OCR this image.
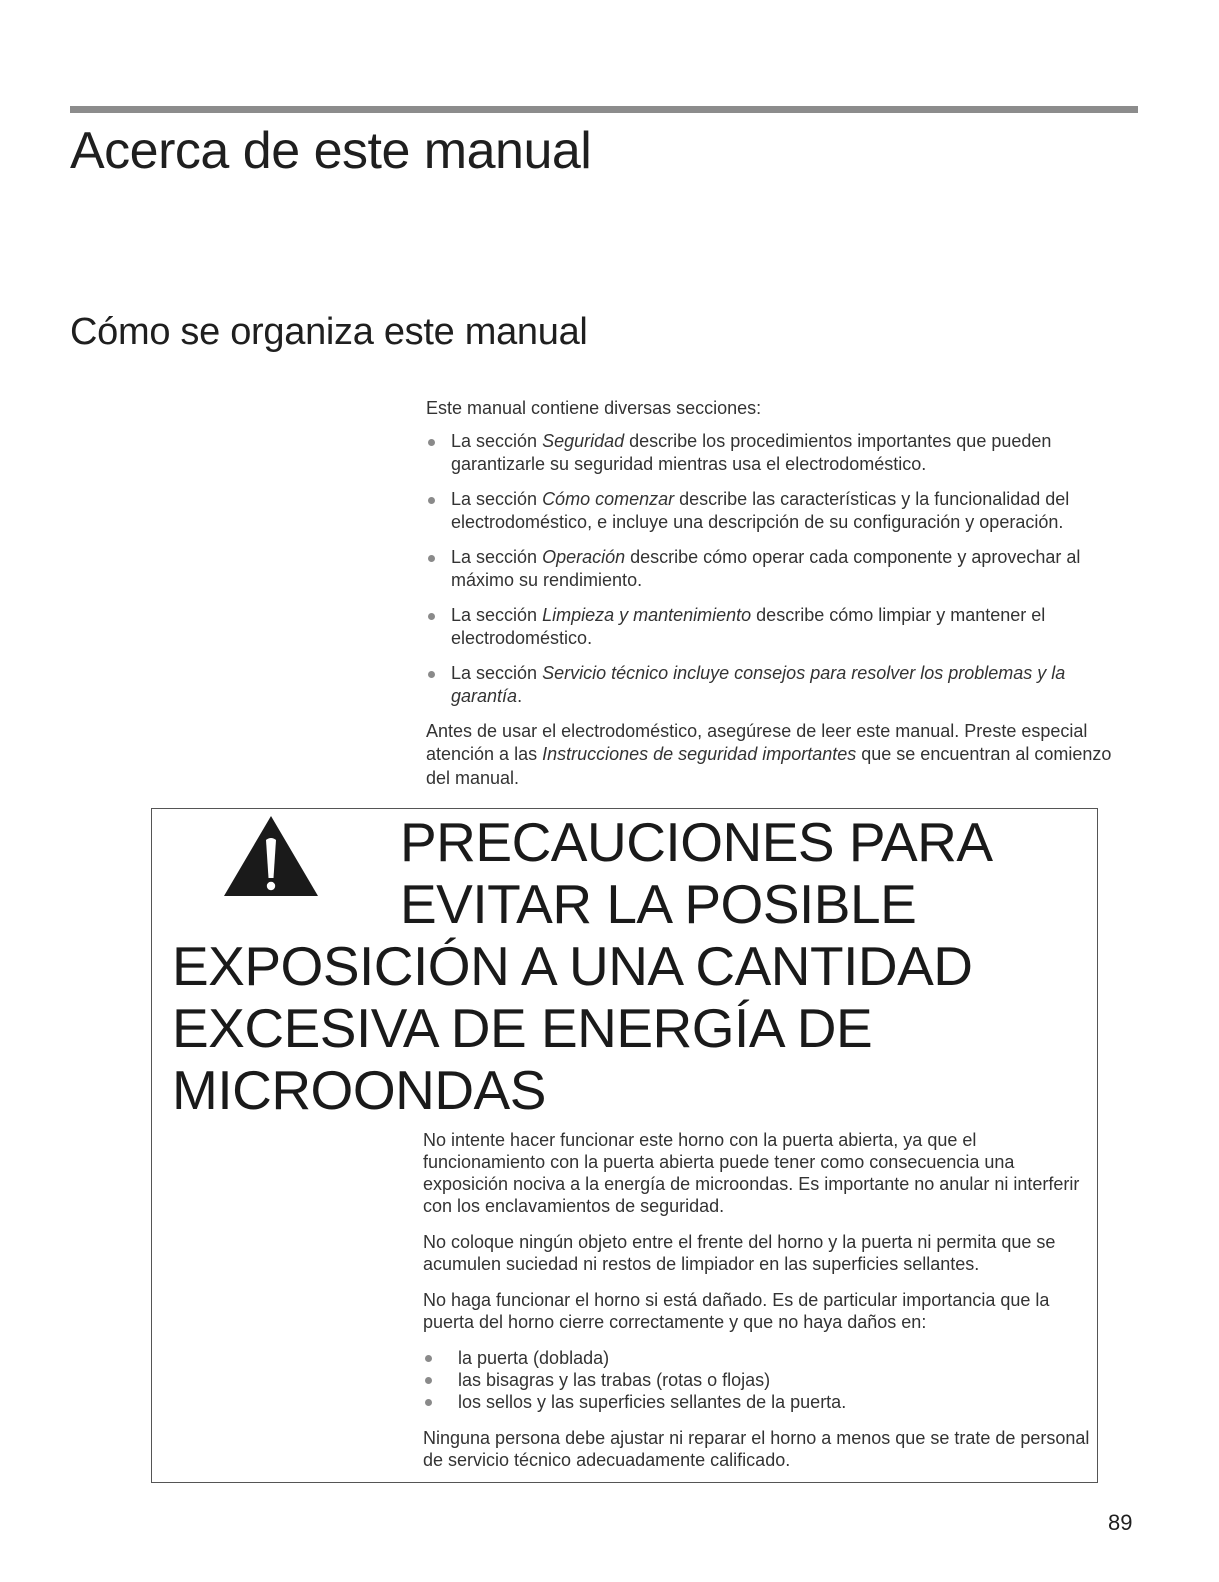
Acerca de este manual
Cómo se organiza este manual

Este manual contiene diversas secciones:

La sección Seguridad describe los procedimientos importantes que pueden garantizarle su seguridad mientras usa el electrodoméstico.
La sección Cómo comenzar describe las características y la funcionalidad del electrodoméstico, e incluye una descripción de su configuración y operación.
La sección Operación describe cómo operar cada componente y aprovechar al máximo su rendimiento.
La sección Limpieza y mantenimiento describe cómo limpiar y mantener el electrodoméstico.
La sección Servicio técnico incluye consejos para resolver los problemas y la garantía.

Antes de usar el electrodoméstico, asegúrese de leer este manual. Preste especial atención a las Instrucciones de seguridad importantes que se encuentran al comienzo del manual.

PRECAUCIONES PARA
EVITAR LA POSIBLE
EXPOSICIÓN A UNA CANTIDAD
EXCESIVA DE ENERGÍA DE
MICROONDAS

No intente hacer funcionar este horno con la puerta abierta, ya que el funcionamiento con la puerta abierta puede tener como consecuencia una exposición nociva a la energía de microondas. Es importante no anular ni interferir con los enclavamientos de seguridad.

No coloque ningún objeto entre el frente del horno y la puerta ni permita que se acumulen suciedad ni restos de limpiador en las superficies sellantes.

No haga funcionar el horno si está dañado. Es de particular importancia que la puerta del horno cierre correctamente y que no haya daños en:

la puerta (doblada)
las bisagras y las trabas (rotas o flojas)
los sellos y las superficies sellantes de la puerta.

Ninguna persona debe ajustar ni reparar el horno a menos que se trate de personal de servicio técnico adecuadamente calificado.

89
